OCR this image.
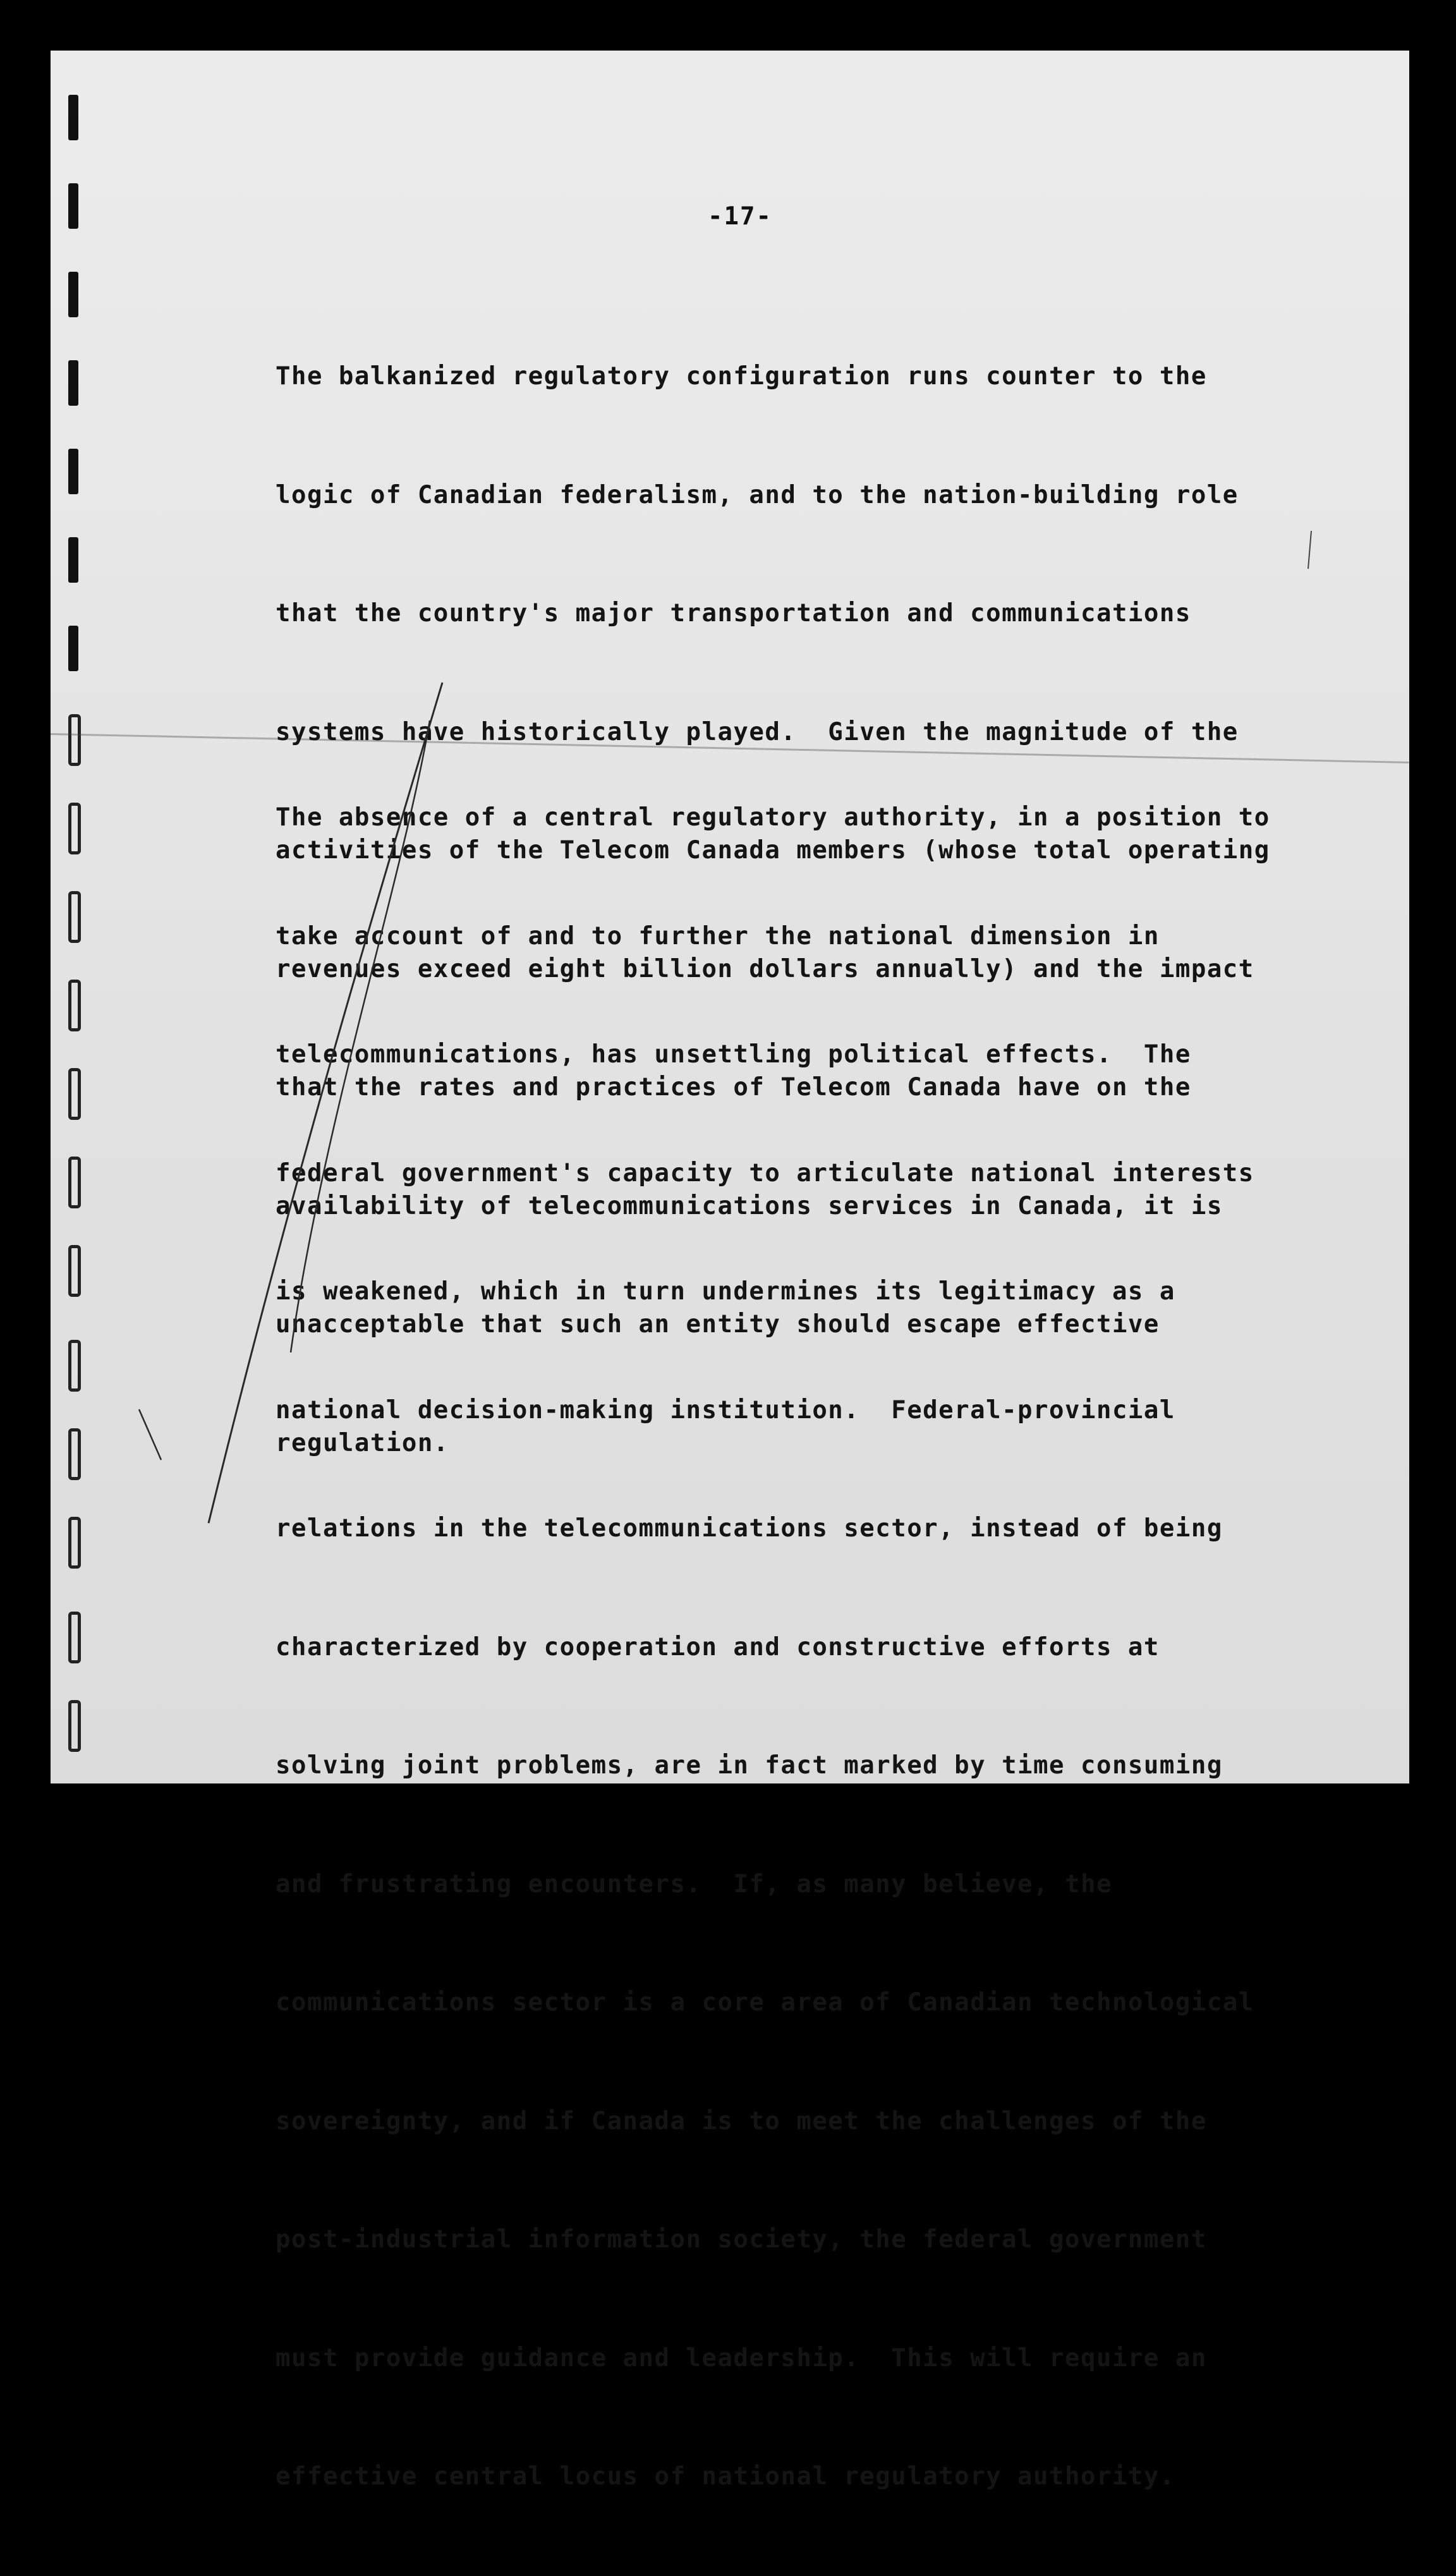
-17-

The balkanized regulatory configuration runs counter to the

logic of Canadian federalism, and to the nation-building role

that the country's major transportation and communications

systems have historically played.  Given the magnitude of the

activities of the Telecom Canada members (whose total operating

revenues exceed eight billion dollars annually) and the impact

that the rates and practices of Telecom Canada have on the

availability of telecommunications services in Canada, it is

unacceptable that such an entity should escape effective

regulation.

The absence of a central regulatory authority, in a position to

take account of and to further the national dimension in

telecommunications, has unsettling political effects.  The

federal government's capacity to articulate national interests

is weakened, which in turn undermines its legitimacy as a

national decision-making institution.  Federal-provincial

relations in the telecommunications sector, instead of being

characterized by cooperation and constructive efforts at

solving joint problems, are in fact marked by time consuming

and frustrating encounters.  If, as many believe, the

communications sector is a core area of Canadian technological

sovereignty, and if Canada is to meet the challenges of the

post-industrial information society, the federal government

must provide guidance and leadership.  This will require an

effective central locus of national regulatory authority.
